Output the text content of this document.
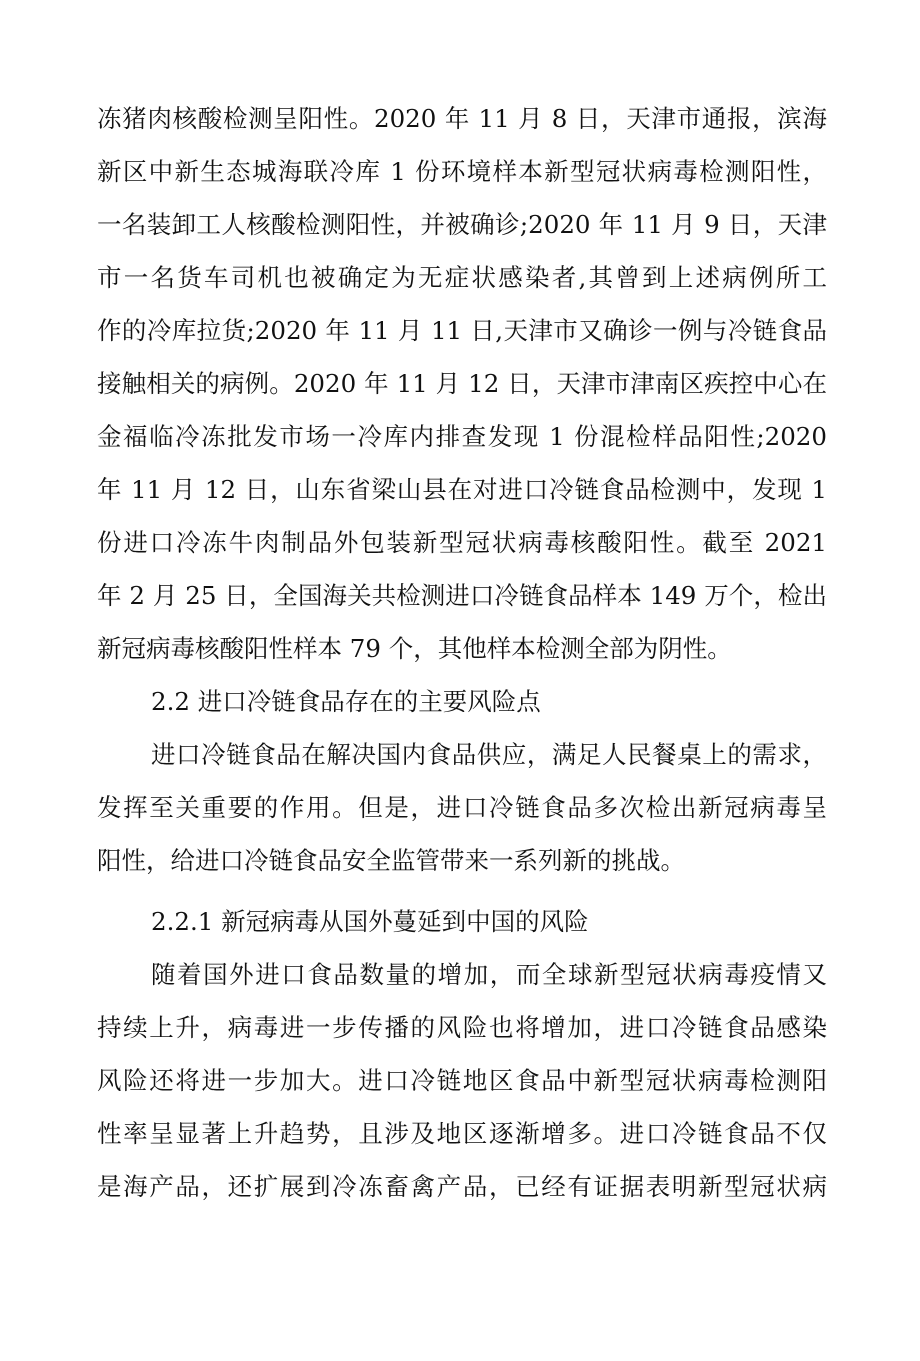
冻猪肉核酸检测呈阳性。2020 年 11 月 8 日，天津市通报，滨海
新区中新生态城海联冷库 1 份环境样本新型冠状病毒检测阳性，
一名装卸工人核酸检测阳性，并被确诊;2020 年 11 月 9 日，天津
市一名货车司机也被确定为无症状感染者,其曾到上述病例所工
作的冷库拉货;2020 年 11 月 11 日,天津市又确诊一例与冷链食品
接触相关的病例。2020 年 11 月 12 日，天津市津南区疾控中心在
金福临冷冻批发市场一冷库内排查发现 1 份混检样品阳性;2020
年 11 月 12 日，山东省梁山县在对进口冷链食品检测中，发现 1
份进口冷冻牛肉制品外包装新型冠状病毒核酸阳性。截至 2021
年 2 月 25 日，全国海关共检测进口冷链食品样本 149 万个，检出
新冠病毒核酸阳性样本 79 个，其他样本检测全部为阴性。
2.2 进口冷链食品存在的主要风险点
进口冷链食品在解决国内食品供应，满足人民餐桌上的需求，
发挥至关重要的作用。但是，进口冷链食品多次检出新冠病毒呈
阳性，给进口冷链食品安全监管带来一系列新的挑战。
2.2.1 新冠病毒从国外蔓延到中国的风险
随着国外进口食品数量的增加，而全球新型冠状病毒疫情又
持续上升，病毒进一步传播的风险也将增加，进口冷链食品感染
风险还将进一步加大。进口冷链地区食品中新型冠状病毒检测阳
性率呈显著上升趋势，且涉及地区逐渐增多。进口冷链食品不仅
是海产品，还扩展到冷冻畜禽产品，已经有证据表明新型冠状病
